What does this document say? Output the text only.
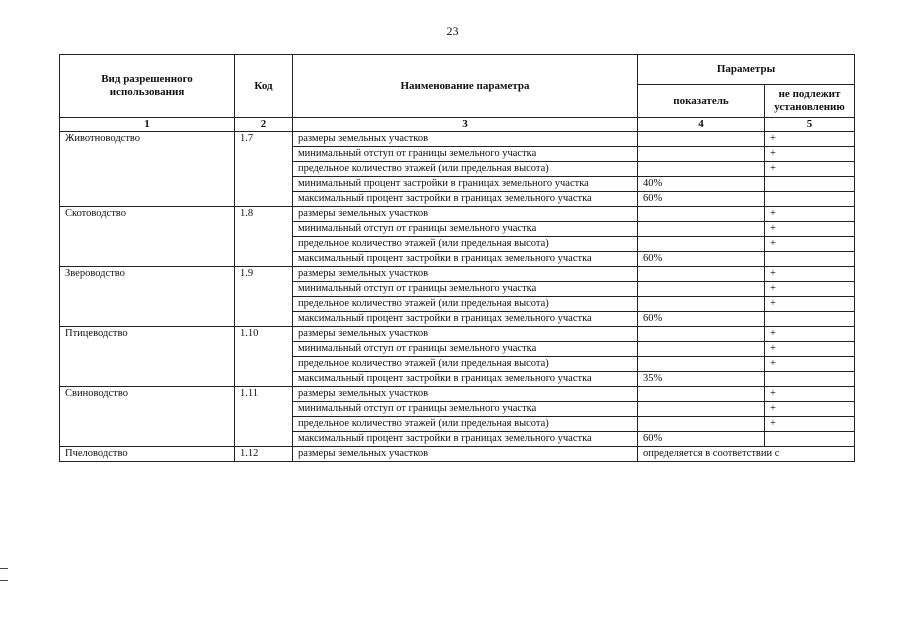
23
Вид разрешенного использования	Код	Наименование параметра	Параметры	
			показатель	не подлежит установлению
1	2	3	4	5
Животноводство	1.7	размеры земельных участков		+
		минимальный отступ от границы земельного участка		+
		предельное количество этажей (или предельная высота)		+
		минимальный процент застройки в границах земельного участка	40%	
		максимальный процент застройки в границах земельного участка	60%	
Скотоводство	1.8	размеры земельных участков		+
		минимальный отступ от границы земельного участка		+
		предельное количество этажей (или предельная высота)		+
		максимальный процент застройки в границах земельного участка	60%	
Звероводство	1.9	размеры земельных участков		+
		минимальный отступ от границы земельного участка		+
		предельное количество этажей (или предельная высота)		+
		максимальный процент застройки в границах земельного участка	60%	
Птицеводство	1.10	размеры земельных участков		+
		минимальный отступ от границы земельного участка		+
		предельное количество этажей (или предельная высота)		+
		максимальный процент застройки в границах земельного участка	35%	
Свиноводство	1.11	размеры земельных участков		+
		минимальный отступ от границы земельного участка		+
		предельное количество этажей (или предельная высота)		+
		максимальный процент застройки в границах земельного участка	60%	
Пчеловодство	1.12	размеры земельных участков	определяется в соответствии с	
